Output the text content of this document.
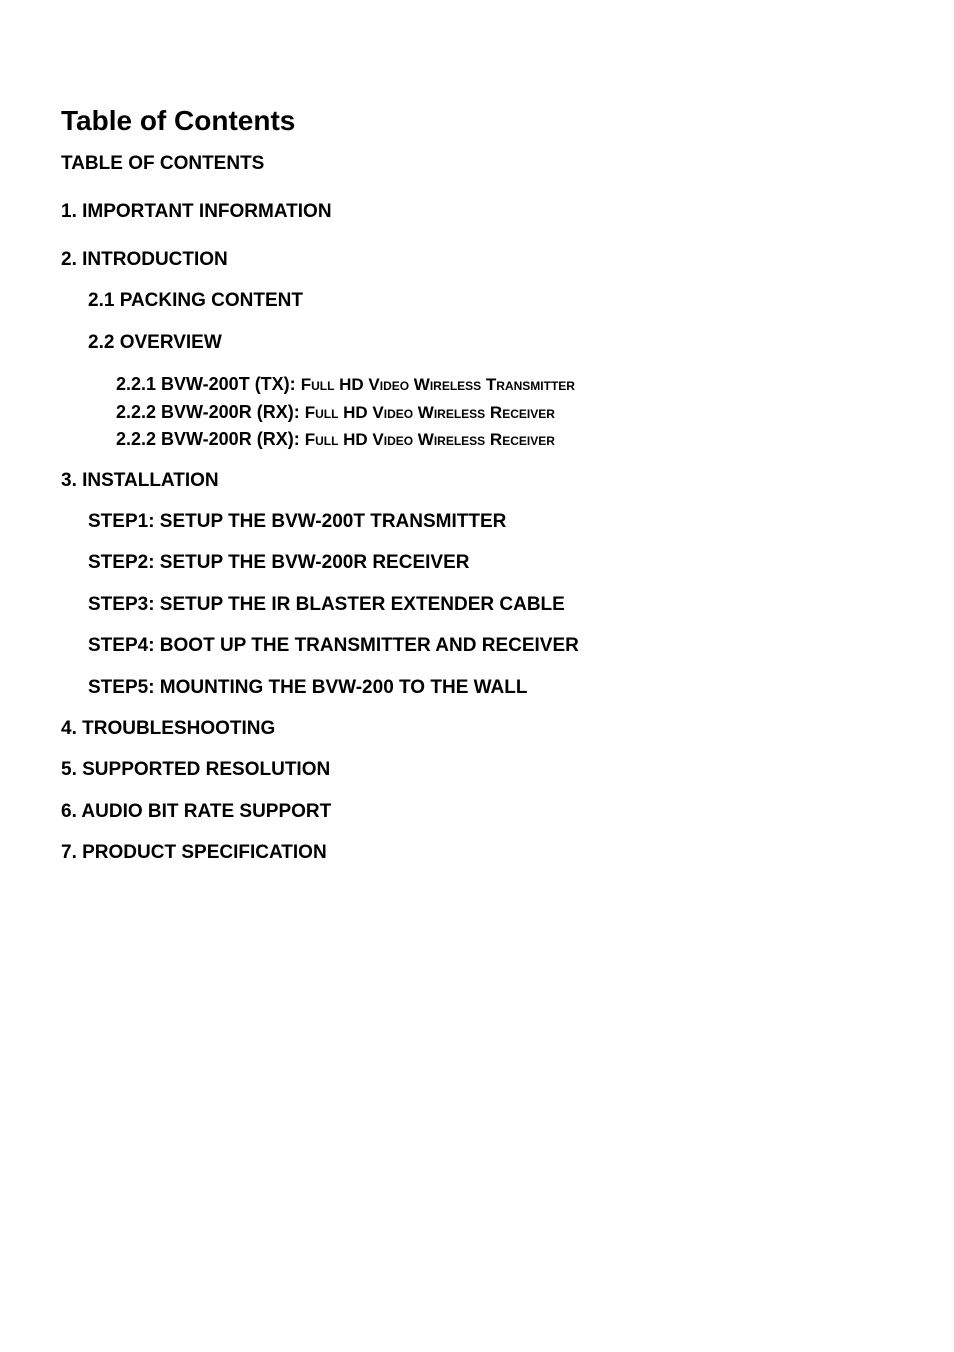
Table of Contents
TABLE OF CONTENTS
1. IMPORTANT INFORMATION
2. INTRODUCTION
2.1 PACKING CONTENT
2.2 OVERVIEW
2.2.1 BVW-200T (TX): Full HD Video Wireless Transmitter
2.2.2 BVW-200R (RX): Full HD Video Wireless Receiver
2.2.2 BVW-200R (RX): Full HD Video Wireless Receiver
3. INSTALLATION
STEP1: SETUP THE BVW-200T TRANSMITTER
STEP2: SETUP THE BVW-200R RECEIVER
STEP3: SETUP THE IR BLASTER EXTENDER CABLE
STEP4: BOOT UP THE TRANSMITTER AND RECEIVER
STEP5: MOUNTING THE BVW-200 TO THE WALL
4. TROUBLESHOOTING
5. SUPPORTED RESOLUTION
6. AUDIO BIT RATE SUPPORT
7. PRODUCT SPECIFICATION
